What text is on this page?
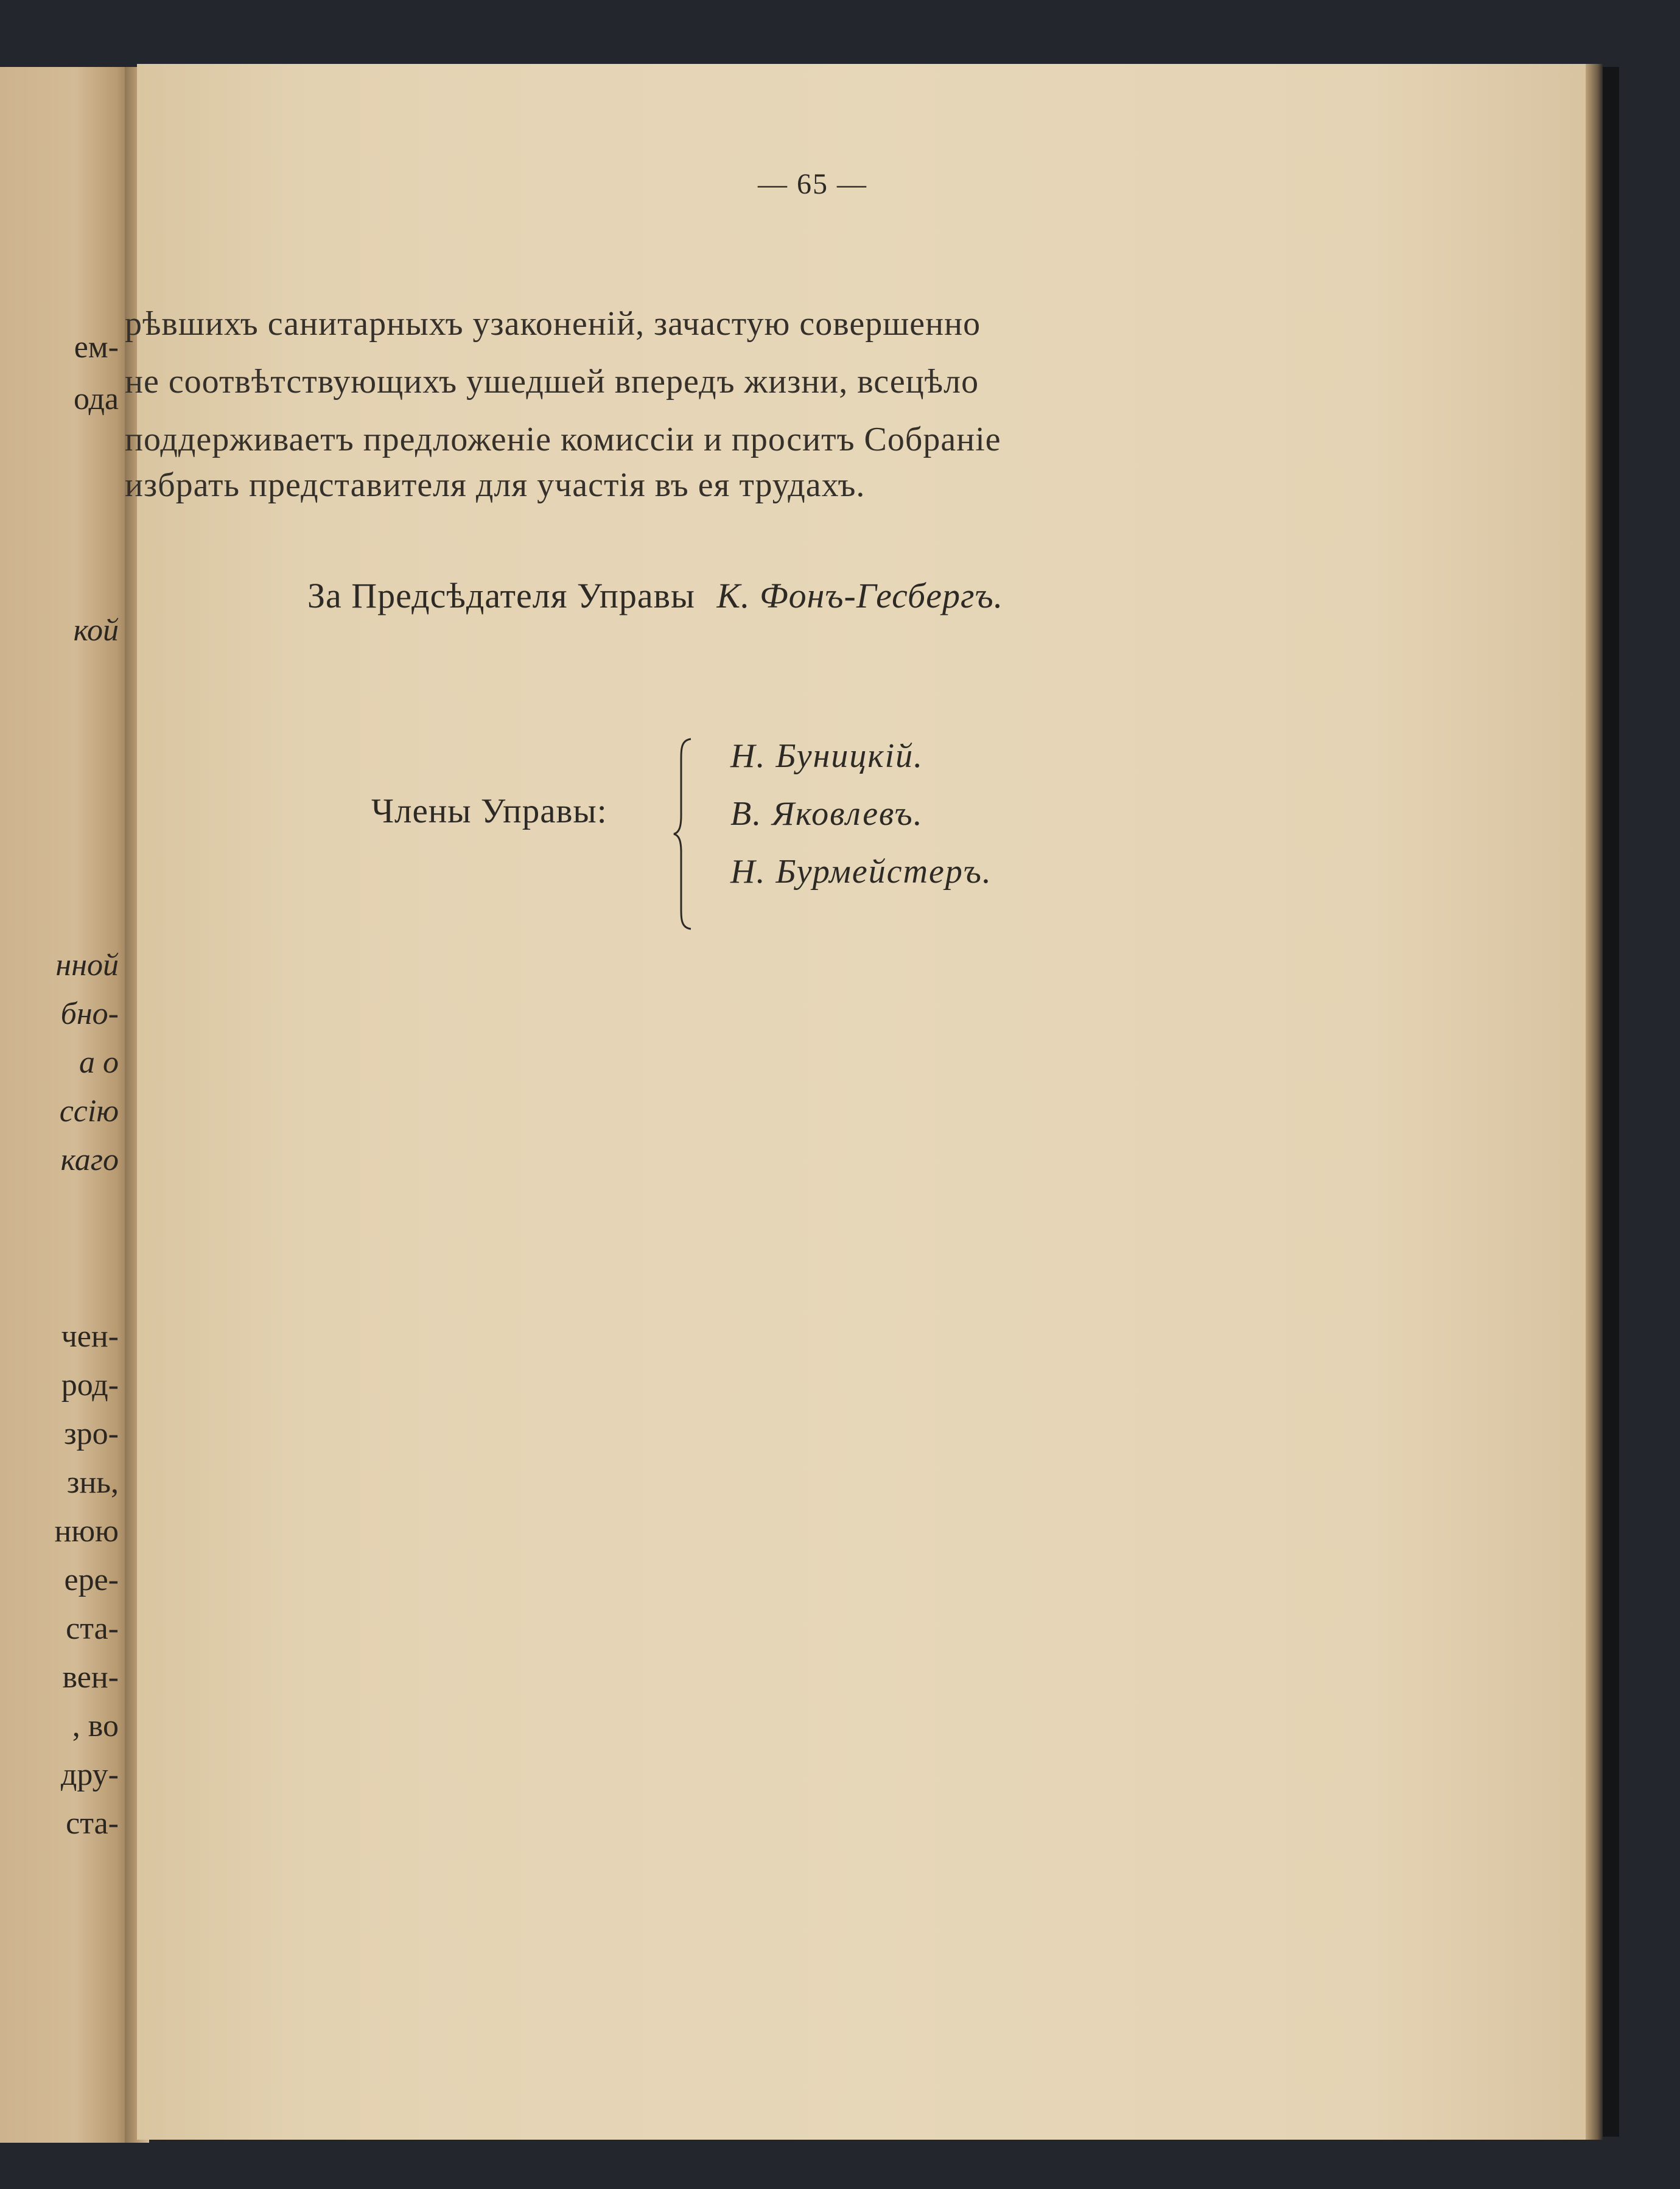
ем-
ода
кой
нной
бно-
а о
ссію
каго
чен-
род-
зро-
знь,
нюю
ере-
ста-
вен-
, во
дру-
ста-
— 65 —
рѣвшихъ санитарныхъ узаконеній, зачастую совершенно
не соотвѣтствующихъ ушедшей впередъ жизни, всецѣло
поддерживаетъ предложеніе комиссіи и проситъ Собраніе
избрать представителя для участія въ ея трудахъ.
За Предсѣдателя Управы К. Фонъ-Гесбергъ.
Члены Управы:
Н. Буницкій.
В. Яковлевъ.
Н. Бурмейстеръ.
